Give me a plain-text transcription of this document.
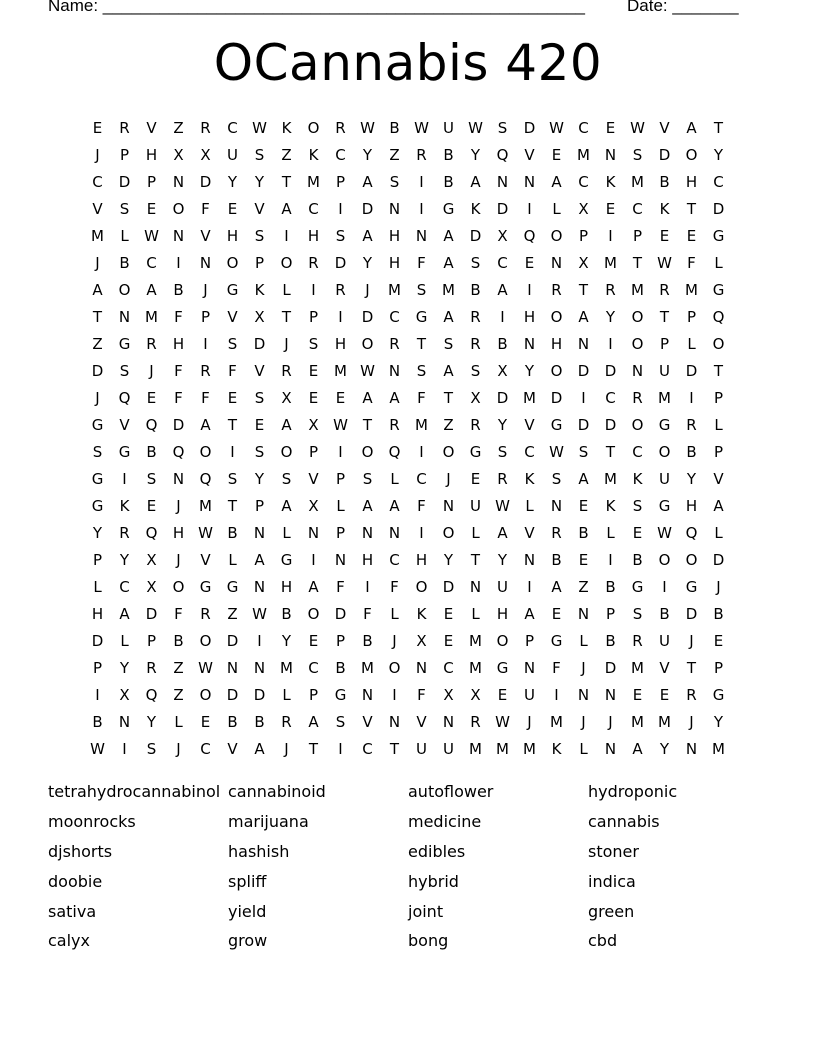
Name: ___________________________________________________ Date: _______
OCannabis 420
E	R	V	Z	R	C W K	O	R W B W U W S	D W C	E W V	A	T
J	P	H	X	X	U	S	Z	K	C	Y	Z	R	B	Y	Q	V	E	M N	S	D	O	Y
C	D	P	N	D	Y	Y	T	M	P	A	S	I	B	A	N	N	A	C	K	M	B	H	C
V	S	E	O	F	E	V	A	C	I	D	N	I	G	K	D	I	L	X	E	C	K	T	D
M	L	W N	V	H	S	I	H	S	A	H	N	A	D	X	Q	O	P	I	P	E	E	G
J	B	C	I	N	O	P	O	R	D	Y	H	F	A	S	C	E	N	X	M	T	W	F	L
A	O	A	B	J	G	K	L	I	R	J	M	S	M	B	A	I	R	T	R	M	R	M G
T	N M	F	P	V	X	T	P	I	D	C	G	A	R	I	H	O	A	Y	O	T	P	Q
Z	G	R	H	I	S	D	J	S	H	O	R	T	S	R	B	N	H	N	I	O	P	L	O
D	S	J	F	R	F	V	R	E	M W N	S	A	S	X	Y	O	D	D	N	U	D	T
J	Q	E	F	F	E	S	X	E	E	A	A	F	T	X	D M D	I	C	R	M	I	P
G	V	Q	D	A	T	E	A	X W T	R	M	Z	R	Y	V	G	D	D	O	G	R	L
S	G	B	Q	O	I	S	O	P	I	O	Q	I	O	G	S	C W S	T	C	O	B	P
G	I	S	N	Q	S	Y	S	V	P	S	L	C	J	E	R	K	S	A	M	K	U	Y	V
G	K	E	J	M	T	P	A	X	L	A	A	F	N	U W	L	N	E	K	S	G	H	A
Y	R	Q	H W B	N	L	N	P	N	N	I	O	L	A	V	R	B	L	E W Q	L
P	Y	X	J	V	L	A	G	I	N	H	C	H	Y	T	Y	N	B	E	I	B	O	O	D
L	C	X	O	G	G	N	H	A	F	I	F	O	D	N	U	I	A	Z	B	G	I	G	J
H	A	D	F	R	Z W B	O	D	F	L	K	E	L	H	A	E	N	P	S	B	D	B
D	L	P	B	O	D	I	Y	E	P	B	J	X	E	M O	P	G	L	B	R	U	J	E
P	Y	R	Z W N	N M	C	B	M O	N	C	M G	N	F	J	D M	V	T	P
I	X	Q	Z	O	D	D	L	P	G	N	I	F	X	X	E	U	I	N	N	E	E	R	G
B	N	Y	L	E	B	B	R	A	S	V	N	V	N	R W	J	M	J	J	M M	J	Y
W	I	S	J	C	V	A	J	T	I	C	T	U	U	M M M	K	L	N	A	Y	N M
tetrahydrocannabinol cannabinoid	autoflower	hydroponic
moonrocks	marijuana	medicine	cannabis
djshorts	hashish	edibles	stoner
doobie	spliff	hybrid	indica
sativa	yield	joint	green
calyx	grow	bong	cbd
